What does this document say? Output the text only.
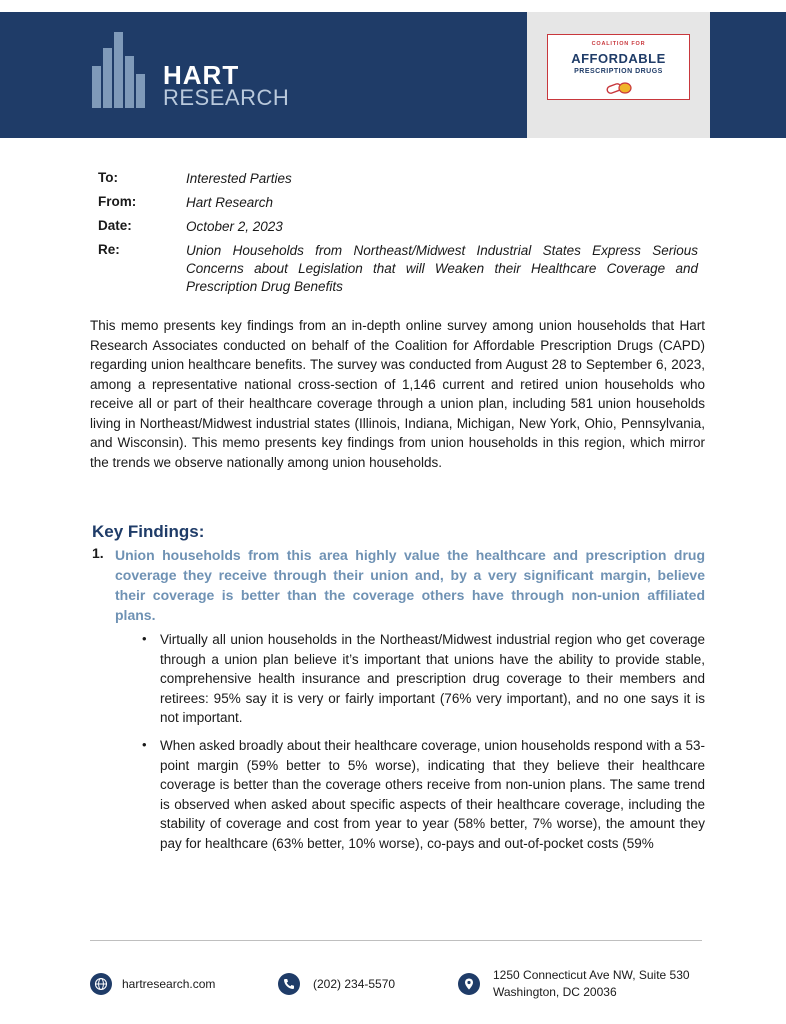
HART
RESEARCH
COALITION FOR
AFFORDABLE
PRESCRIPTION DRUGS
To:	Interested Parties
From:	Hart Research
Date:	October 2, 2023
Re:	Union Households from Northeast/Midwest Industrial States Express Serious Concerns about Legislation that will Weaken their Healthcare Coverage and Prescription Drug Benefits

This memo presents key findings from an in-depth online survey among union households that Hart Research Associates conducted on behalf of the Coalition for Affordable Prescription Drugs (CAPD) regarding union healthcare benefits. The survey was conducted from August 28 to September 6, 2023, among a representative national cross-section of 1,146 current and retired union households who receive all or part of their healthcare coverage through a union plan, including 581 union households living in Northeast/Midwest industrial states (Illinois, Indiana, Michigan, New York, Ohio, Pennsylvania, and Wisconsin). This memo presents key findings from union households in this region, which mirror the trends we observe nationally among union households.

Key Findings:
1. Union households from this area highly value the healthcare and prescription drug coverage they receive through their union and, by a very significant margin, believe their coverage is better than the coverage others have through non-union affiliated plans.

• Virtually all union households in the Northeast/Midwest industrial region who get coverage through a union plan believe it’s important that unions have the ability to provide stable, comprehensive health insurance and prescription drug coverage to their members and retirees: 95% say it is very or fairly important (76% very important), and no one says it is not important.
• When asked broadly about their healthcare coverage, union households respond with a 53-point margin (59% better to 5% worse), indicating that they believe their healthcare coverage is better than the coverage others receive from non-union plans. The same trend is observed when asked about specific aspects of their healthcare coverage, including the stability of coverage and cost from year to year (58% better, 7% worse), the amount they pay for healthcare (63% better, 10% worse), co-pays and out-of-pocket costs (59%
hartresearch.com	(202) 234-5570
1250 Connecticut Ave NW, Suite 530
Washington, DC 20036
